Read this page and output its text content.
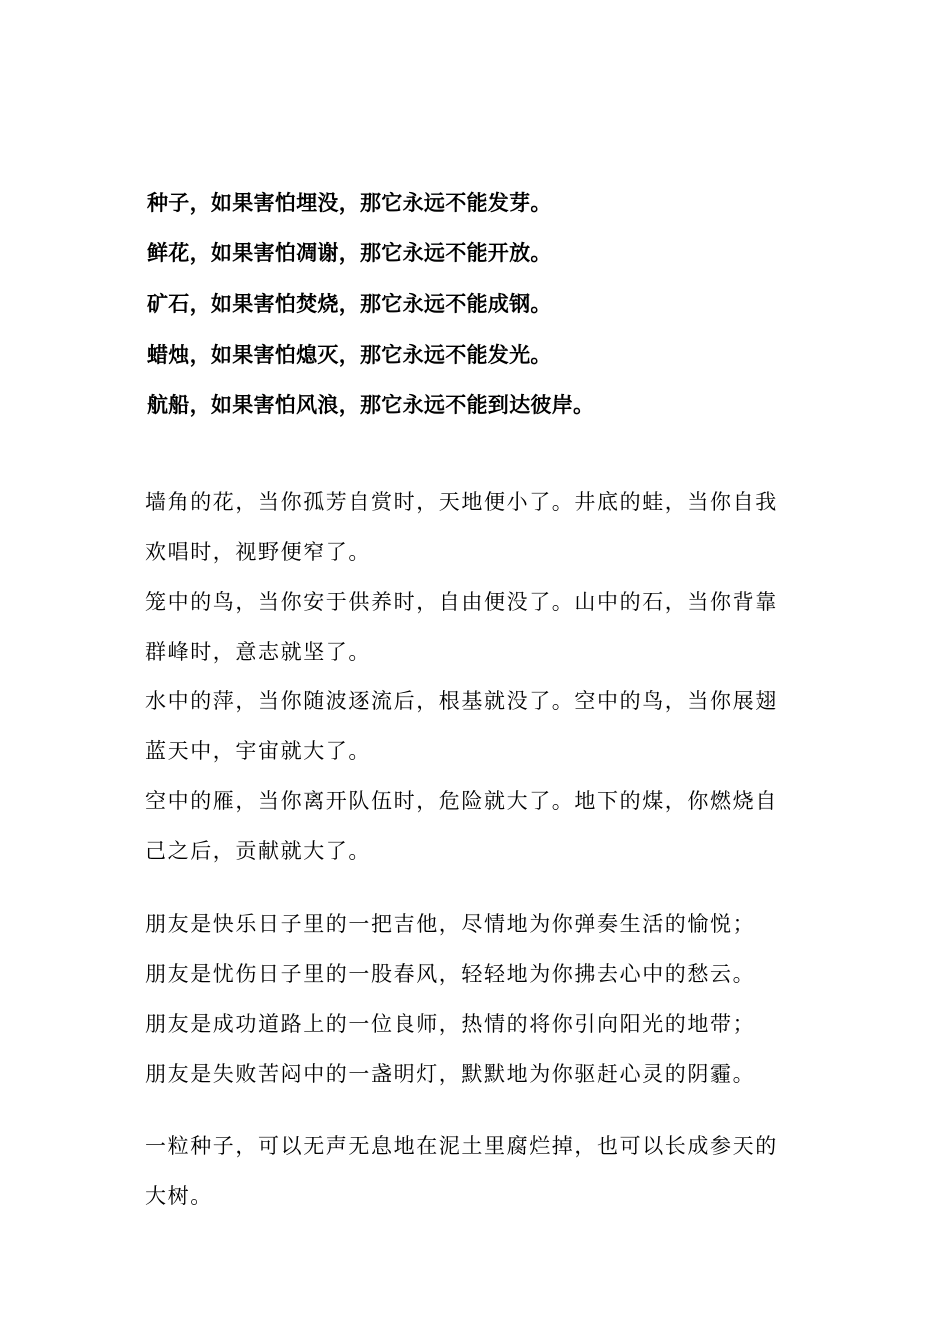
种子，如果害怕埋没，那它永远不能发芽。
鲜花，如果害怕凋谢，那它永远不能开放。
矿石，如果害怕焚烧，那它永远不能成钢。
蜡烛，如果害怕熄灭，那它永远不能发光。
航船，如果害怕风浪，那它永远不能到达彼岸。
墙角的花，当你孤芳自赏时，天地便小了。井底的蛙，当你自我
欢唱时，视野便窄了。
笼中的鸟，当你安于供养时，自由便没了。山中的石，当你背靠
群峰时，意志就坚了。
水中的萍，当你随波逐流后，根基就没了。空中的鸟，当你展翅
蓝天中，宇宙就大了。
空中的雁，当你离开队伍时，危险就大了。地下的煤，你燃烧自
己之后，贡献就大了。
朋友是快乐日子里的一把吉他，尽情地为你弹奏生活的愉悦；
朋友是忧伤日子里的一股春风，轻轻地为你拂去心中的愁云。
朋友是成功道路上的一位良师，热情的将你引向阳光的地带；
朋友是失败苦闷中的一盏明灯，默默地为你驱赶心灵的阴霾。
一粒种子，可以无声无息地在泥土里腐烂掉，也可以长成参天的
大树。
